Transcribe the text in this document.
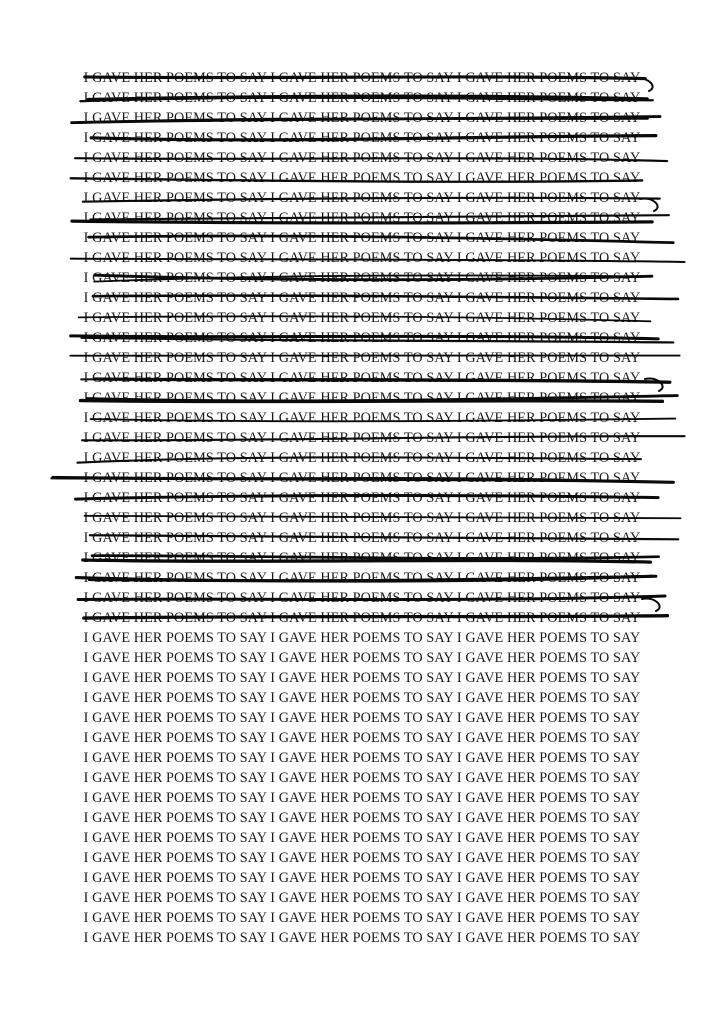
I GAVE HER POEMS TO SAY I GAVE HER POEMS TO SAY I GAVE HER POEMS TO SAY
I GAVE HER POEMS TO SAY I GAVE HER POEMS TO SAY I GAVE HER POEMS TO SAY
I GAVE HER POEMS TO SAY I GAVE HER POEMS TO SAY I GAVE HER POEMS TO SAY
I GAVE HER POEMS TO SAY I GAVE HER POEMS TO SAY I GAVE HER POEMS TO SAY
I GAVE HER POEMS TO SAY I GAVE HER POEMS TO SAY I GAVE HER POEMS TO SAY
I GAVE HER POEMS TO SAY I GAVE HER POEMS TO SAY I GAVE HER POEMS TO SAY
I GAVE HER POEMS TO SAY I GAVE HER POEMS TO SAY I GAVE HER POEMS TO SAY
I GAVE HER POEMS TO SAY I GAVE HER POEMS TO SAY I GAVE HER POEMS TO SAY
I GAVE HER POEMS TO SAY I GAVE HER POEMS TO SAY I GAVE HER POEMS TO SAY
I GAVE HER POEMS TO SAY I GAVE HER POEMS TO SAY I GAVE HER POEMS TO SAY
I GAVE HER POEMS TO SAY I GAVE HER POEMS TO SAY I GAVE HER POEMS TO SAY
I GAVE HER POEMS TO SAY I GAVE HER POEMS TO SAY I GAVE HER POEMS TO SAY
I GAVE HER POEMS TO SAY I GAVE HER POEMS TO SAY I GAVE HER POEMS TO SAY
I GAVE HER POEMS TO SAY I GAVE HER POEMS TO SAY I GAVE HER POEMS TO SAY
I GAVE HER POEMS TO SAY I GAVE HER POEMS TO SAY I GAVE HER POEMS TO SAY
I GAVE HER POEMS TO SAY I GAVE HER POEMS TO SAY I GAVE HER POEMS TO SAY
I GAVE HER POEMS TO SAY I GAVE HER POEMS TO SAY I GAVE HER POEMS TO SAY
I GAVE HER POEMS TO SAY I GAVE HER POEMS TO SAY I GAVE HER POEMS TO SAY
I GAVE HER POEMS TO SAY I GAVE HER POEMS TO SAY I GAVE HER POEMS TO SAY
I GAVE HER POEMS TO SAY I GAVE HER POEMS TO SAY I GAVE HER POEMS TO SAY
I GAVE HER POEMS TO SAY I GAVE HER POEMS TO SAY I GAVE HER POEMS TO SAY
I GAVE HER POEMS TO SAY I GAVE HER POEMS TO SAY I GAVE HER POEMS TO SAY
I GAVE HER POEMS TO SAY I GAVE HER POEMS TO SAY I GAVE HER POEMS TO SAY
I GAVE HER POEMS TO SAY I GAVE HER POEMS TO SAY I GAVE HER POEMS TO SAY
I GAVE HER POEMS TO SAY I GAVE HER POEMS TO SAY I GAVE HER POEMS TO SAY
I GAVE HER POEMS TO SAY I GAVE HER POEMS TO SAY I GAVE HER POEMS TO SAY
I GAVE HER POEMS TO SAY I GAVE HER POEMS TO SAY I GAVE HER POEMS TO SAY
I GAVE HER POEMS TO SAY I GAVE HER POEMS TO SAY I GAVE HER POEMS TO SAY
I GAVE HER POEMS TO SAY I GAVE HER POEMS TO SAY I GAVE HER POEMS TO SAY
I GAVE HER POEMS TO SAY I GAVE HER POEMS TO SAY I GAVE HER POEMS TO SAY
I GAVE HER POEMS TO SAY I GAVE HER POEMS TO SAY I GAVE HER POEMS TO SAY
I GAVE HER POEMS TO SAY I GAVE HER POEMS TO SAY I GAVE HER POEMS TO SAY
I GAVE HER POEMS TO SAY I GAVE HER POEMS TO SAY I GAVE HER POEMS TO SAY
I GAVE HER POEMS TO SAY I GAVE HER POEMS TO SAY I GAVE HER POEMS TO SAY
I GAVE HER POEMS TO SAY I GAVE HER POEMS TO SAY I GAVE HER POEMS TO SAY
I GAVE HER POEMS TO SAY I GAVE HER POEMS TO SAY I GAVE HER POEMS TO SAY
I GAVE HER POEMS TO SAY I GAVE HER POEMS TO SAY I GAVE HER POEMS TO SAY
I GAVE HER POEMS TO SAY I GAVE HER POEMS TO SAY I GAVE HER POEMS TO SAY
I GAVE HER POEMS TO SAY I GAVE HER POEMS TO SAY I GAVE HER POEMS TO SAY
I GAVE HER POEMS TO SAY I GAVE HER POEMS TO SAY I GAVE HER POEMS TO SAY
I GAVE HER POEMS TO SAY I GAVE HER POEMS TO SAY I GAVE HER POEMS TO SAY
I GAVE HER POEMS TO SAY I GAVE HER POEMS TO SAY I GAVE HER POEMS TO SAY
I GAVE HER POEMS TO SAY I GAVE HER POEMS TO SAY I GAVE HER POEMS TO SAY
I GAVE HER POEMS TO SAY I GAVE HER POEMS TO SAY I GAVE HER POEMS TO SAY
